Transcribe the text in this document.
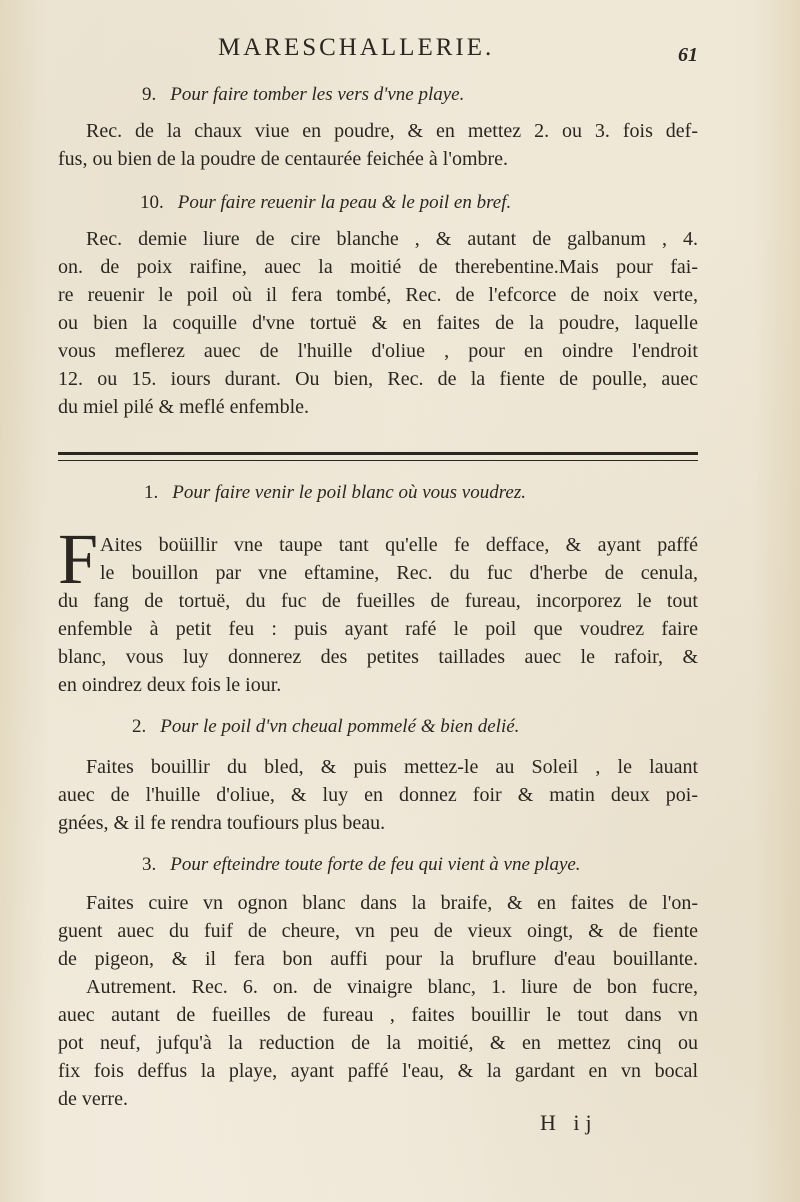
MARESCHALLERIE.	61
9. Pour faire tomber les vers d'vne playe.
Rec. de la chaux viue en poudre, & en mettez 2. ou 3. fois def-
fus, ou bien de la poudre de centaurée feichée à l'ombre.
10. Pour faire reuenir la peau & le poil en bref.
Rec. demie liure de cire blanche , & autant de galbanum , 4.
on. de poix raifine, auec la moitié de therebentine.Mais pour fai-
re reuenir le poil où il fera tombé, Rec. de l'efcorce de noix verte,
ou bien la coquille d'vne tortuë & en faites de la poudre, laquelle
vous meflerez auec de l'huille d'oliue , pour en oindre l'endroit
12. ou 15. iours durant. Ou bien, Rec. de la fiente de poulle, auec
du miel pilé & meflé enfemble.
1. Pour faire venir le poil blanc où vous voudrez.
F Aites boüillir vne taupe tant qu'elle fe defface, & ayant paffé
le bouillon par vne eftamine, Rec. du fuc d'herbe de cenula,
du fang de tortuë, du fuc de fueilles de fureau, incorporez le tout
enfemble à petit feu : puis ayant rafé le poil que voudrez faire
blanc, vous luy donnerez des petites taillades auec le rafoir, &
en oindrez deux fois le iour.
2. Pour le poil d'vn cheual pommelé & bien delié.
Faites bouillir du bled, & puis mettez-le au Soleil , le lauant
auec de l'huille d'oliue, & luy en donnez foir & matin deux poi-
gnées, & il fe rendra toufiours plus beau.
3. Pour efteindre toute forte de feu qui vient à vne playe.
Faites cuire vn ognon blanc dans la braife, & en faites de l'on-
guent auec du fuif de cheure, vn peu de vieux oingt, & de fiente
de pigeon, & il fera bon auffi pour la bruflure d'eau bouillante.
Autrement. Rec. 6. on. de vinaigre blanc, 1. liure de bon fucre,
auec autant de fueilles de fureau , faites bouillir le tout dans vn
pot neuf, jufqu'à la reduction de la moitié, & en mettez cinq ou
fix fois deffus la playe, ayant paffé l'eau, & la gardant en vn bocal
de verre.
H ij
